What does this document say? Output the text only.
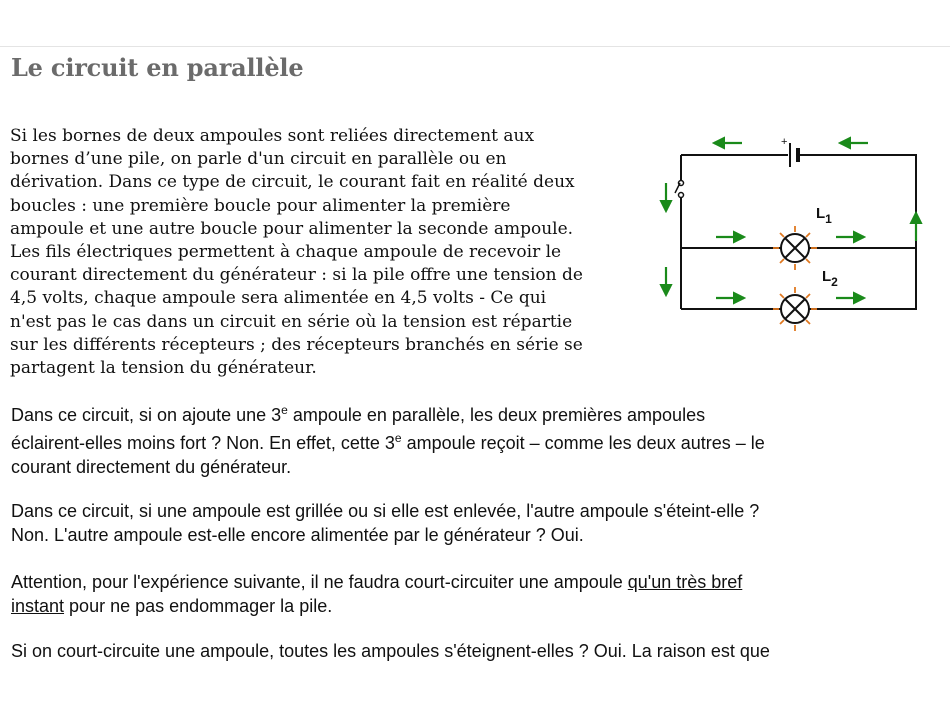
Le circuit en parallèle

Si les bornes de deux ampoules sont reliées directement aux
bornes d’une pile, on parle d'un circuit en parallèle ou en
dérivation. Dans ce type de circuit, le courant fait en réalité deux
boucles : une première boucle pour alimenter la première
ampoule et une autre boucle pour alimenter la seconde ampoule.
Les fils électriques permettent à chaque ampoule de recevoir le
courant directement du générateur : si la pile offre une tension de
4,5 volts, chaque ampoule sera alimentée en 4,5 volts - Ce qui
n'est pas le cas dans un circuit en série où la tension est répartie
sur les différents récepteurs ; des récepteurs branchés en série se
partagent la tension du générateur.

+
$L_1$
$L_2$

Dans ce circuit, si on ajoute une 3e ampoule en parallèle, les deux premières ampoules
éclairent-elles moins fort ? Non. En effet, cette 3e ampoule reçoit – comme les deux autres – le
courant directement du générateur.

Dans ce circuit, si une ampoule est grillée ou si elle est enlevée, l'autre ampoule s'éteint-elle ?
Non. L'autre ampoule est-elle encore alimentée par le générateur ? Oui.

Attention, pour l'expérience suivante, il ne faudra court-circuiter une ampoule qu'un très bref
instant pour ne pas endommager la pile.

Si on court-circuite une ampoule, toutes les ampoules s'éteignent-elles ? Oui. La raison est que
